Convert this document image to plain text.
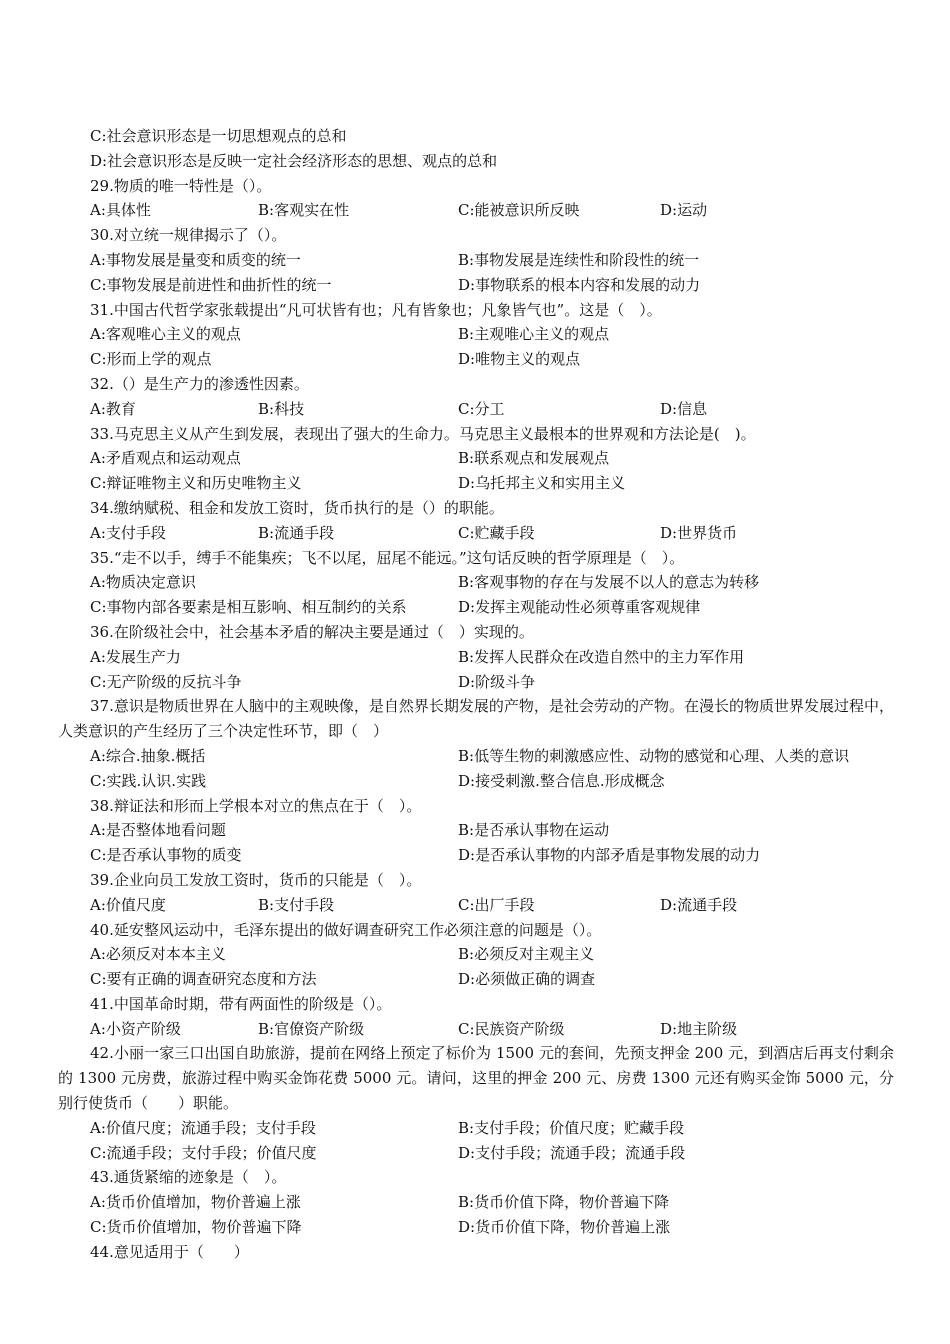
C:社会意识形态是一切思想观点的总和
D:社会意识形态是反映一定社会经济形态的思想、观点的总和
29.物质的唯一特性是（）。
A:具体性	B:客观实在性	C:能被意识所反映	D:运动
30.对立统一规律揭示了（）。
A:事物发展是量变和质变的统一	B:事物发展是连续性和阶段性的统一
C:事物发展是前进性和曲折性的统一	D:事物联系的根本内容和发展的动力
31.中国古代哲学家张载提出“凡可状皆有也；凡有皆象也；凡象皆气也”。这是（　）。
A:客观唯心主义的观点	B:主观唯心主义的观点
C:形而上学的观点	D:唯物主义的观点
32.（）是生产力的渗透性因素。
A:教育	B:科技	C:分工	D:信息
33.马克思主义从产生到发展，表现出了强大的生命力。马克思主义最根本的世界观和方法论是(　)。
A:矛盾观点和运动观点	B:联系观点和发展观点
C:辩证唯物主义和历史唯物主义	D:乌托邦主义和实用主义
34.缴纳赋税、租金和发放工资时，货币执行的是（）的职能。
A:支付手段	B:流通手段	C:贮藏手段	D:世界货币
35.“走不以手，缚手不能集疾；飞不以尾，屈尾不能远。”这句话反映的哲学原理是（　）。
A:物质决定意识	B:客观事物的存在与发展不以人的意志为转移
C:事物内部各要素是相互影响、相互制约的关系	D:发挥主观能动性必须尊重客观规律
36.在阶级社会中，社会基本矛盾的解决主要是通过（　）实现的。
A:发展生产力	B:发挥人民群众在改造自然中的主力军作用
C:无产阶级的反抗斗争	D:阶级斗争
37.意识是物质世界在人脑中的主观映像，是自然界长期发展的产物，是社会劳动的产物。在漫长的物质世界发展过程中，人类意识的产生经历了三个决定性环节，即（　）
A:综合.抽象.概括	B:低等生物的刺激感应性、动物的感觉和心理、人类的意识
C:实践.认识.实践	D:接受刺激.整合信息.形成概念
38.辩证法和形而上学根本对立的焦点在于（　）。
A:是否整体地看问题	B:是否承认事物在运动
C:是否承认事物的质变	D:是否承认事物的内部矛盾是事物发展的动力
39.企业向员工发放工资时，货币的只能是（　）。
A:价值尺度	B:支付手段	C:出厂手段	D:流通手段
40.延安整风运动中，毛泽东提出的做好调查研究工作必须注意的问题是（）。
A:必须反对本本主义	B:必须反对主观主义
C:要有正确的调查研究态度和方法	D:必须做正确的调查
41.中国革命时期，带有两面性的阶级是（）。
A:小资产阶级	B:官僚资产阶级	C:民族资产阶级	D:地主阶级
42.小丽一家三口出国自助旅游，提前在网络上预定了标价为 1500 元的套间，先预支押金 200 元，到酒店后再支付剩余的 1300 元房费，旅游过程中购买金饰花费 5000 元。请问，这里的押金 200 元、房费 1300 元还有购买金饰 5000 元，分别行使货币（　　）职能。
A:价值尺度；流通手段；支付手段	B:支付手段；价值尺度；贮藏手段
C:流通手段；支付手段；价值尺度	D:支付手段；流通手段；流通手段
43.通货紧缩的迹象是（　）。
A:货币价值增加，物价普遍上涨	B:货币价值下降，物价普遍下降
C:货币价值增加，物价普遍下降	D:货币价值下降，物价普遍上涨
44.意见适用于（　　）
